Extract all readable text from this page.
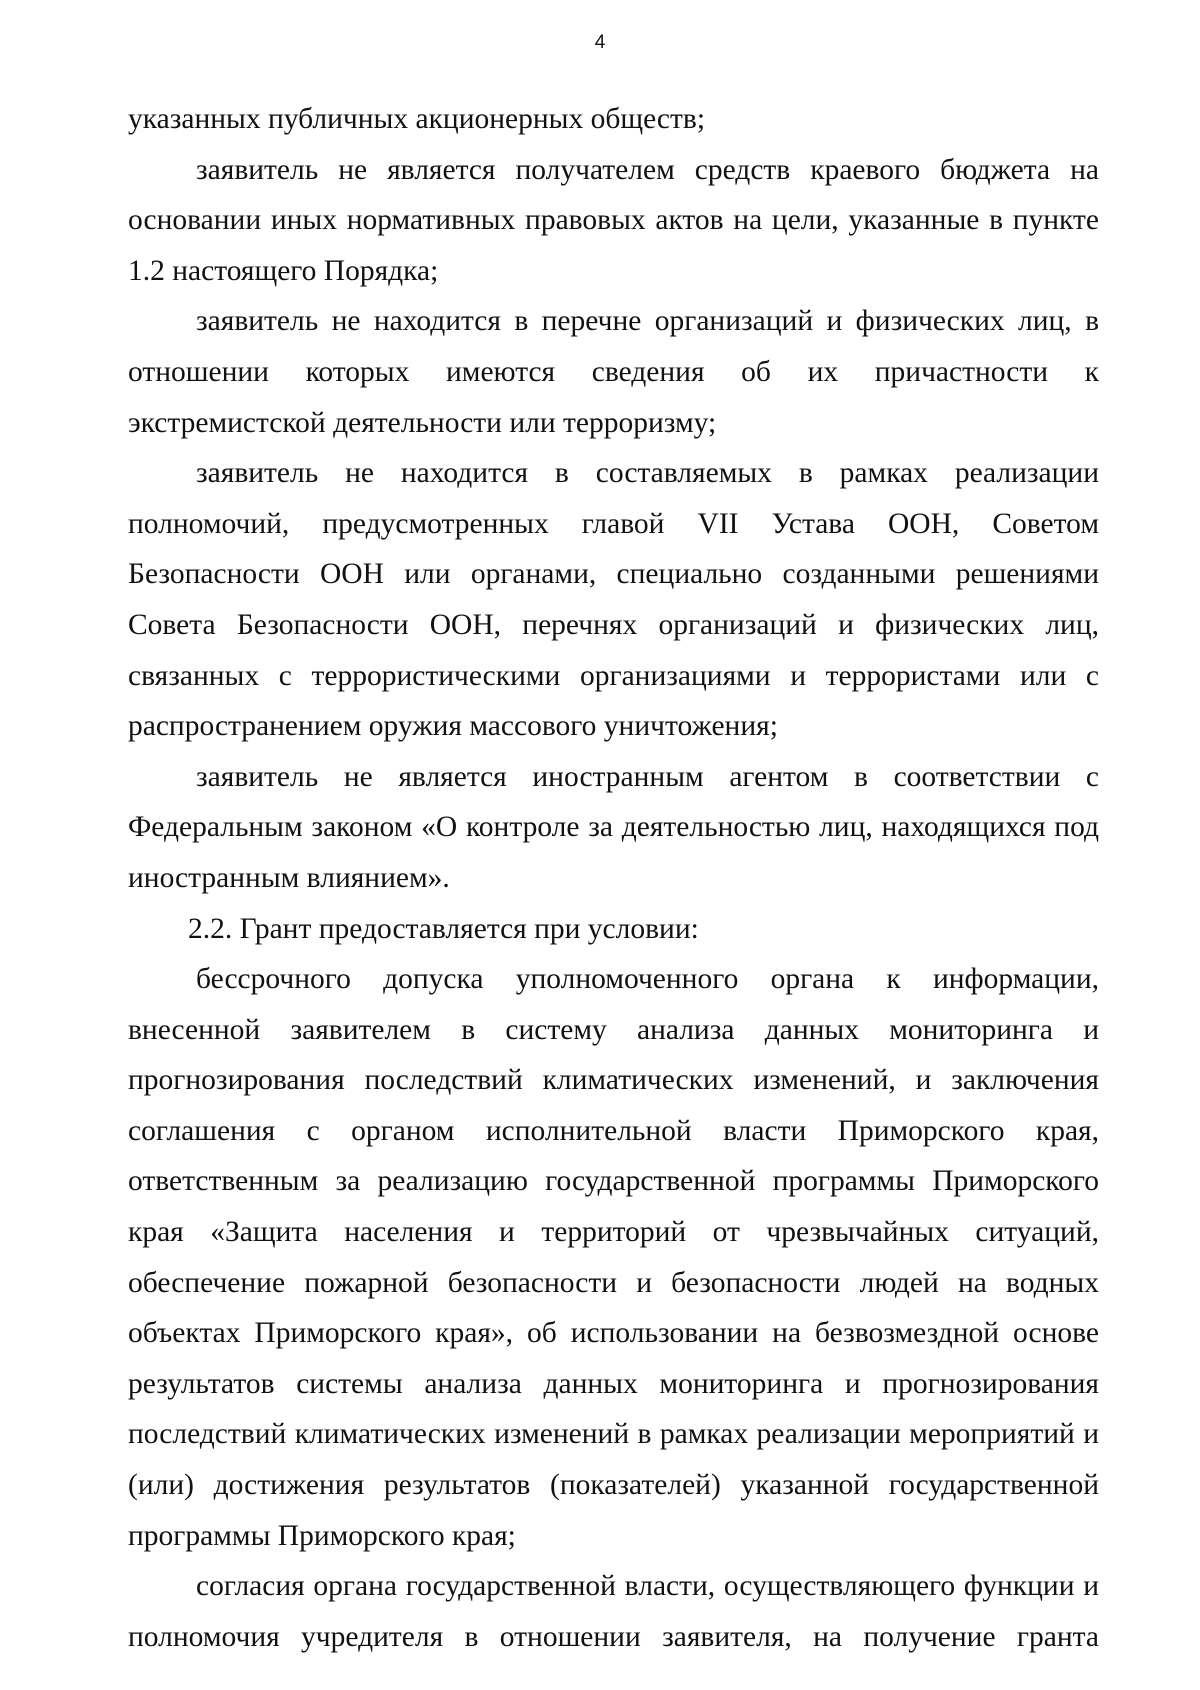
4

указанных публичных акционерных обществ;

заявитель не является получателем средств краевого бюджета на основании иных нормативных правовых актов на цели, указанные в пункте 1.2 настоящего Порядка;

заявитель не находится в перечне организаций и физических лиц, в отношении которых имеются сведения об их причастности к экстремистской деятельности или терроризму;

заявитель не находится в составляемых в рамках реализации полномочий, предусмотренных главой VII Устава ООН, Советом Безопасности ООН или органами, специально созданными решениями Совета Безопасности ООН, перечнях организаций и физических лиц, связанных с террористическими организациями и террористами или с распространением оружия массового уничтожения;

заявитель не является иностранным агентом в соответствии с Федеральным законом «О контроле за деятельностью лиц, находящихся под иностранным влиянием».

2.2. Грант предоставляется при условии:

бессрочного допуска уполномоченного органа к информации, внесенной заявителем в систему анализа данных мониторинга и прогнозирования последствий климатических изменений, и заключения соглашения с органом исполнительной власти Приморского края, ответственным за реализацию государственной программы Приморского края «Защита населения и территорий от чрезвычайных ситуаций, обеспечение пожарной безопасности и безопасности людей на водных объектах Приморского края», об использовании на безвозмездной основе результатов системы анализа данных мониторинга и прогнозирования последствий климатических изменений в рамках реализации мероприятий и (или) достижения результатов (показателей) указанной государственной программы Приморского края;

согласия органа государственной власти, осуществляющего функции и полномочия учредителя в отношении заявителя, на получение гранта
